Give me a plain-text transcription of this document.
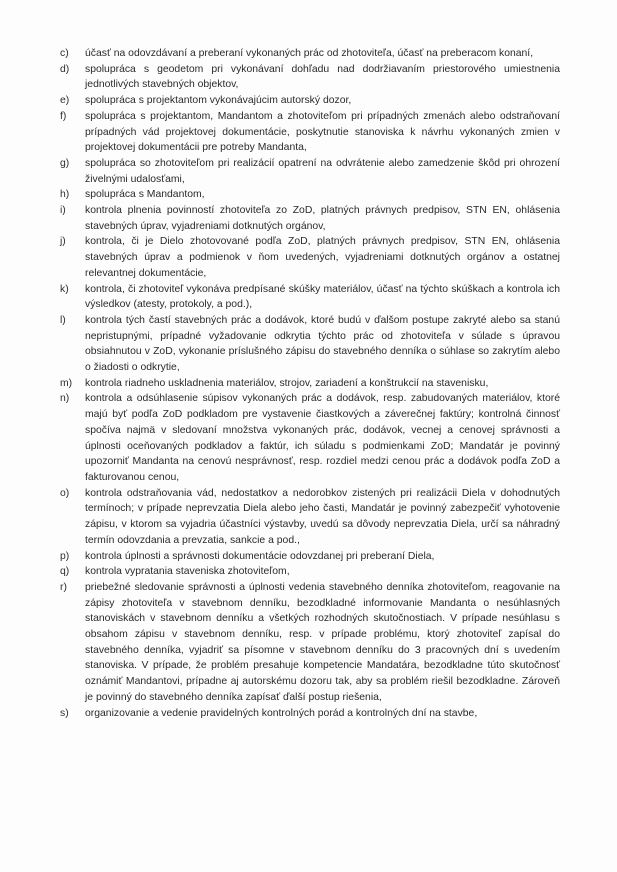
c)	účasť na odovzdávaní a preberaní vykonaných prác od zhotoviteľa, účasť na preberacom konaní,
d)	spolupráca s geodetom pri vykonávaní dohľadu nad dodržiavaním priestorového umiestnenia jednotlivých stavebných objektov,
e)	spolupráca s projektantom vykonávajúcim autorský dozor,
f)	spolupráca s projektantom, Mandantom a zhotoviteľom pri prípadných zmenách alebo odstraňovaní prípadných vád projektovej dokumentácie, poskytnutie stanoviska k návrhu vykonaných zmien v projektovej dokumentácii pre potreby Mandanta,
g)	spolupráca so zhotoviteľom pri realizácií opatrení na odvrátenie alebo zamedzenie škôd pri ohrození živelnými udalosťami,
h)	spolupráca s Mandantom,
i)	kontrola plnenia povinností zhotoviteľa zo ZoD, platných právnych predpisov, STN EN, ohlásenia stavebných úprav, vyjadreniami dotknutých orgánov,
j)	kontrola, či je Dielo zhotovované podľa ZoD, platných právnych predpisov, STN EN, ohlásenia stavebných úprav a podmienok v ňom uvedených, vyjadreniami dotknutých orgánov a ostatnej relevantnej dokumentácie,
k)	kontrola, či zhotoviteľ vykonáva predpísané skúšky materiálov, účasť na týchto skúškach a kontrola ich výsledkov (atesty, protokoly, a pod.),
l)	kontrola tých častí stavebných prác a dodávok, ktoré budú v ďalšom postupe zakryté alebo sa stanú nepristupnými, prípadné vyžadovanie odkrytia týchto prác od zhotoviteľa v súlade s úpravou obsiahnutou v ZoD, vykonanie príslušného zápisu do stavebného denníka o súhlase so zakrytím alebo o žiadosti o odkrytie,
m)	kontrola riadneho uskladnenia materiálov, strojov, zariadení a konštrukcií na stavenisku,
n)	kontrola a odsúhlasenie súpisov vykonaných prác a dodávok, resp. zabudovaných materiálov, ktoré majú byť podľa ZoD podkladom pre vystavenie čiastkových a záverečnej faktúry; kontrolná činnosť spočíva najmä v sledovaní množstva vykonaných prác, dodávok, vecnej a cenovej správnosti a úplnosti oceňovaných podkladov a faktúr, ich súladu s podmienkami ZoD; Mandatár je povinný upozorniť Mandanta na cenovú nesprávnosť, resp. rozdiel medzi cenou prác a dodávok podľa ZoD a fakturovanou cenou,
o)	kontrola odstraňovania vád, nedostatkov a nedorobkov zistených pri realizácii Diela v dohodnutých termínoch; v prípade neprevzatia Diela alebo jeho časti, Mandatár je povinný zabezpečiť vyhotovenie zápisu, v ktorom sa vyjadria účastníci výstavby, uvedú sa dôvody neprevzatia Diela, určí sa náhradný termín odovzdania a prevzatia, sankcie a pod.,
p)	kontrola úplnosti a správnosti dokumentácie odovzdanej pri preberaní Diela,
q)	kontrola vypratania staveniska zhotoviteľom,
r)	priebežné sledovanie správnosti a úplnosti vedenia stavebného denníka zhotoviteľom, reagovanie na zápisy zhotoviteľa v stavebnom denníku, bezodkladné informovanie Mandanta o nesúhlasných stanoviskách v stavebnom denníku a všetkých rozhodných skutočnostiach. V prípade nesúhlasu s obsahom zápisu v stavebnom denníku, resp. v prípade problému, ktorý zhotoviteľ zapísal do stavebného denníka, vyjadriť sa písomne v stavebnom denníku do 3 pracovných dní s uvedením stanoviska. V prípade, že problém presahuje kompetencie Mandatára, bezodkladne túto skutočnosť oznámiť Mandantovi, prípadne aj autorskému dozoru tak, aby sa problém riešil bezodkladne. Zároveň je povinný do stavebného denníka zapísať ďalší postup riešenia,
s)	organizovanie a vedenie pravidelných kontrolných porád a kontrolných dní na stavbe,
